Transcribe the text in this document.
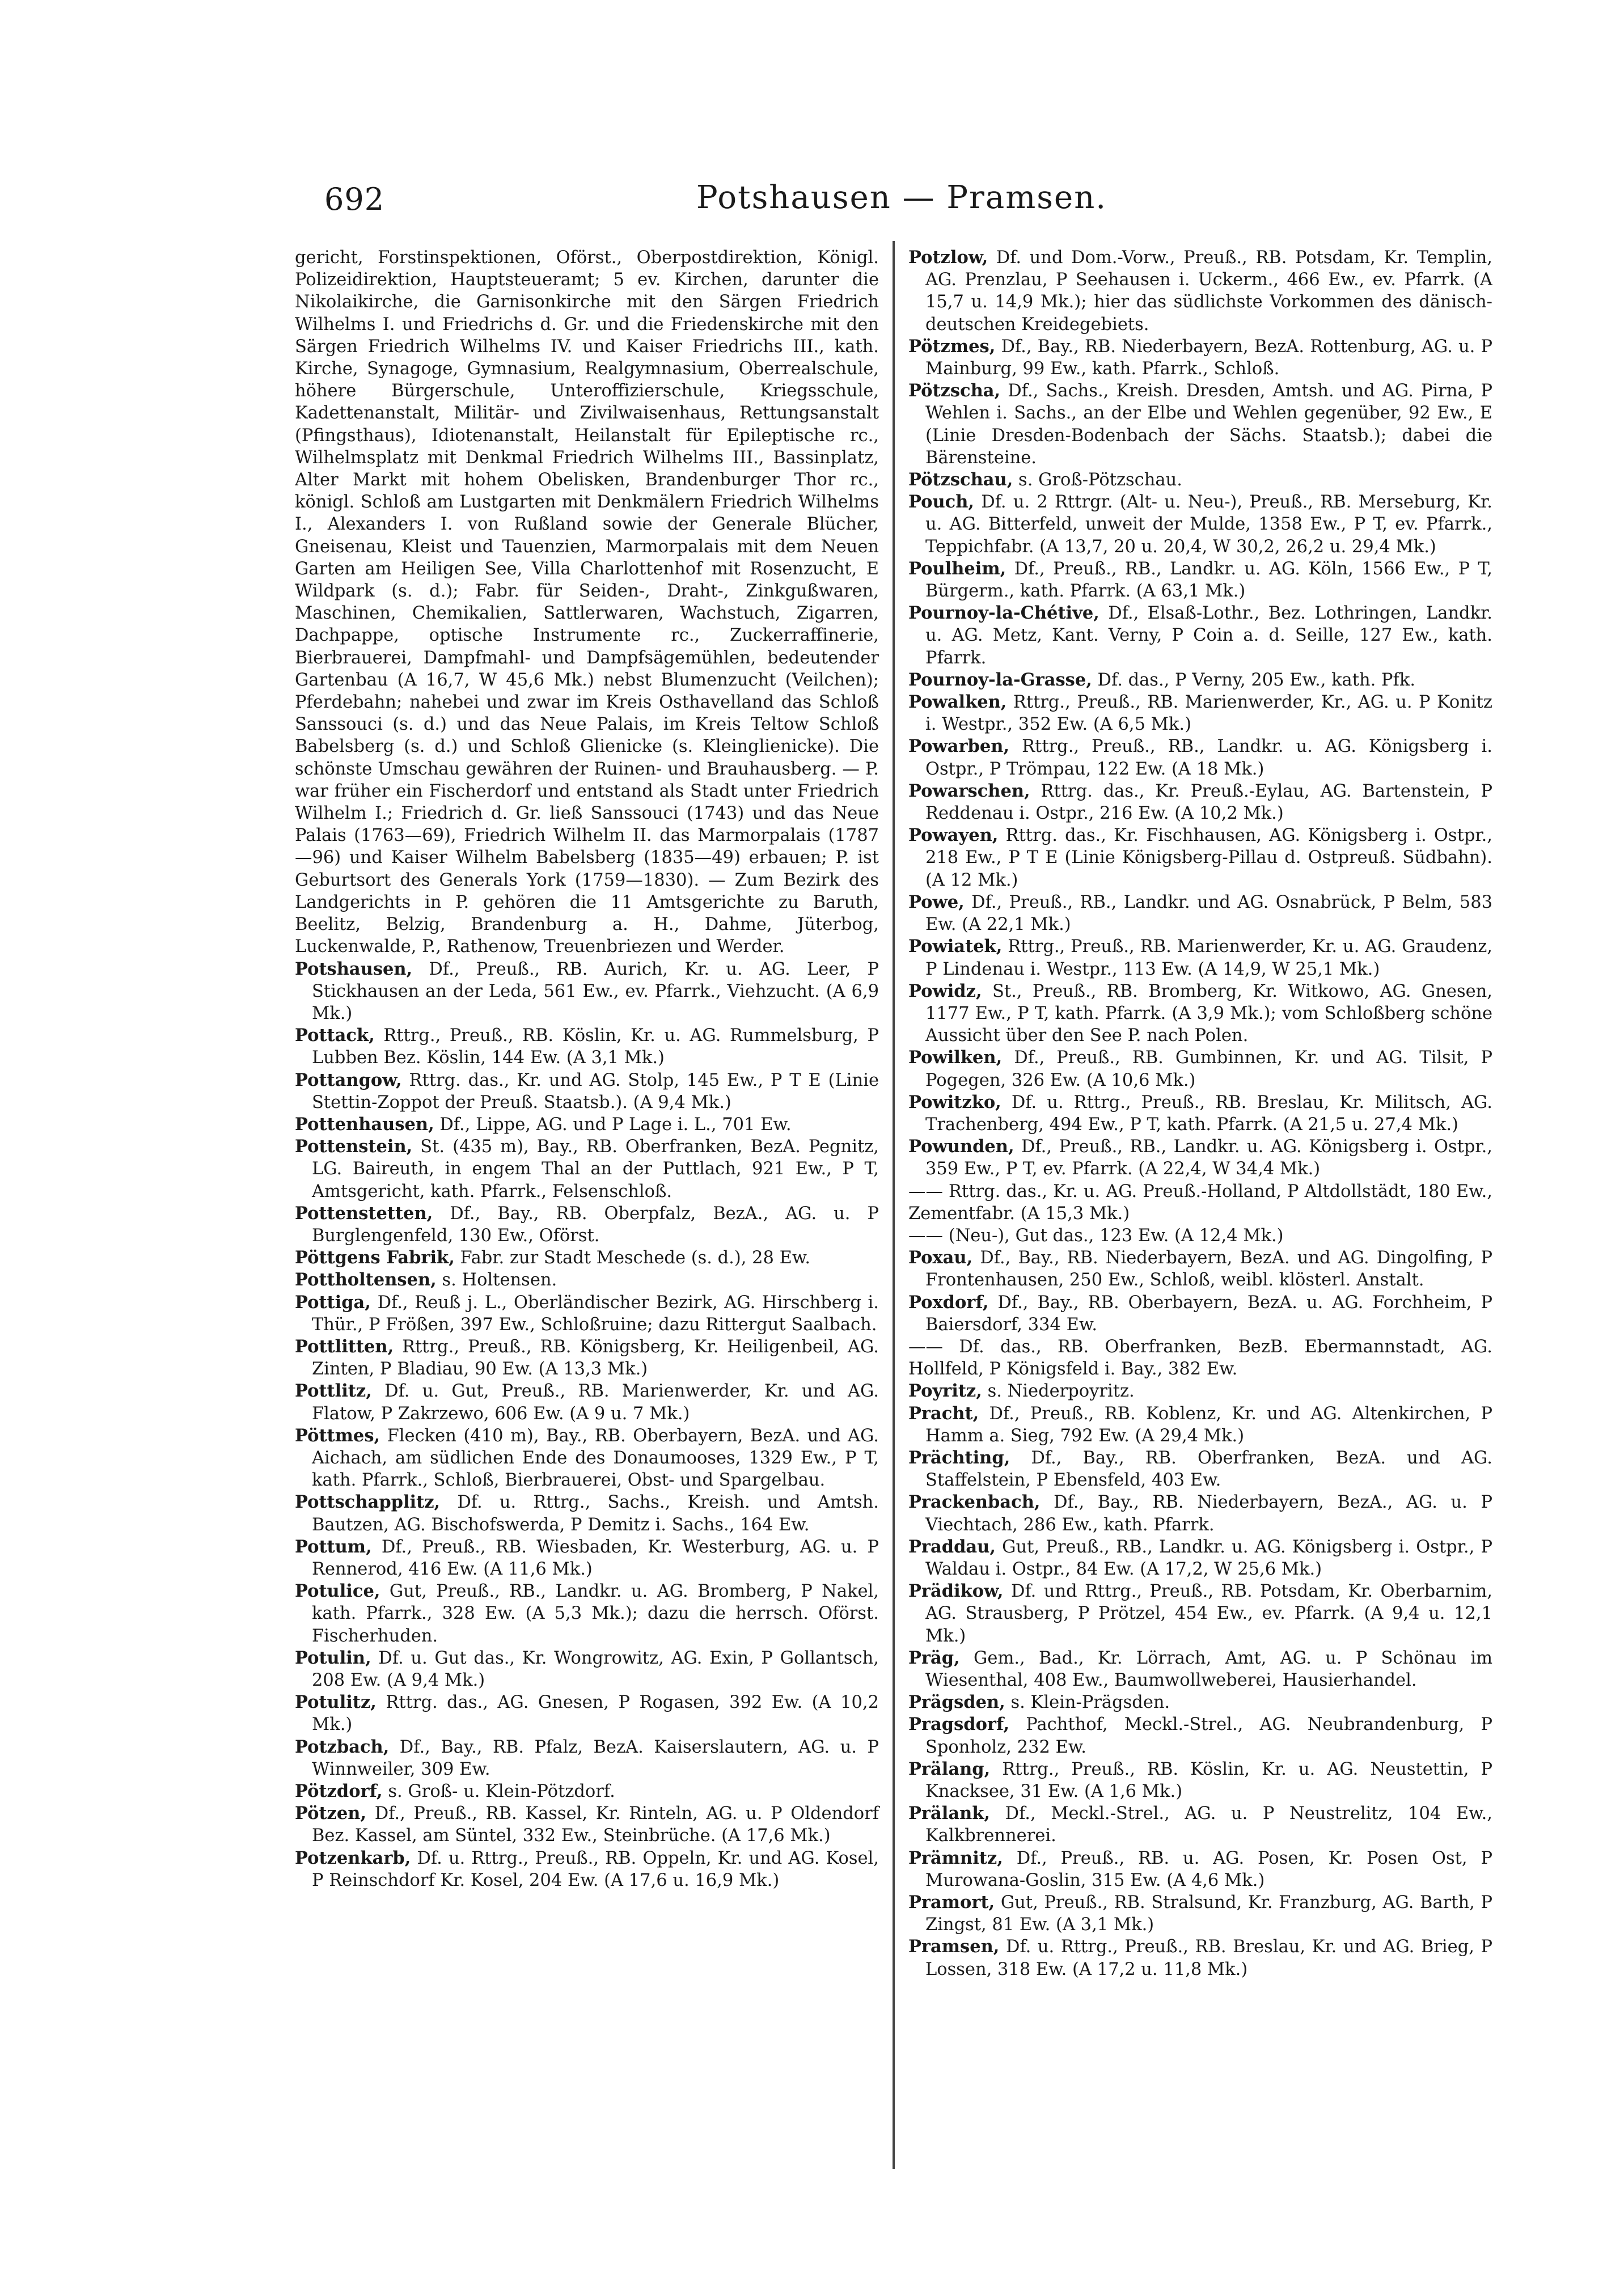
692	Potshausen — Pramsen.

gericht, Forstinspektionen, Oförst., Oberpostdirektion, Königl. Polizeidirektion, Hauptsteueramt; 5 ev. Kirchen, darunter die Nikolaikirche, die Garnisonkirche mit den Särgen Friedrich Wilhelms I. und Friedrichs d. Gr. und die Friedenskirche mit den Särgen Friedrich Wilhelms IV. und Kaiser Friedrichs III., kath. Kirche, Synagoge, Gymnasium, Realgymnasium, Oberrealschule, höhere Bürgerschule, Unteroffizierschule, Kriegsschule, Kadettenanstalt, Militär- und Zivilwaisenhaus, Rettungsanstalt (Pfingsthaus), Idiotenanstalt, Heilanstalt für Epileptische rc., Wilhelmsplatz mit Denkmal Friedrich Wilhelms III., Bassinplatz, Alter Markt mit hohem Obelisken, Brandenburger Thor rc., königl. Schloß am Lustgarten mit Denkmälern Friedrich Wilhelms I., Alexanders I. von Rußland sowie der Generale Blücher, Gneisenau, Kleist und Tauenzien, Marmorpalais mit dem Neuen Garten am Heiligen See, Villa Charlottenhof mit Rosenzucht, E Wildpark (s. d.); Fabr. für Seiden-, Draht-, Zinkgußwaren, Maschinen, Chemikalien, Sattlerwaren, Wachstuch, Zigarren, Dachpappe, optische Instrumente rc., Zuckerraffinerie, Bierbrauerei, Dampfmahl- und Dampfsägemühlen, bedeutender Gartenbau (A 16,7, W 45,6 Mk.) nebst Blumenzucht (Veilchen); Pferdebahn; nahebei und zwar im Kreis Osthavelland das Schloß Sanssouci (s. d.) und das Neue Palais, im Kreis Teltow Schloß Babelsberg (s. d.) und Schloß Glienicke (s. Kleinglienicke). Die schönste Umschau gewähren der Ruinen- und Brauhausberg. — P. war früher ein Fischerdorf und entstand als Stadt unter Friedrich Wilhelm I.; Friedrich d. Gr. ließ Sanssouci (1743) und das Neue Palais (1763—69), Friedrich Wilhelm II. das Marmorpalais (1787—96) und Kaiser Wilhelm Babelsberg (1835—49) erbauen; P. ist Geburtsort des Generals York (1759—1830). — Zum Bezirk des Landgerichts in P. gehören die 11 Amtsgerichte zu Baruth, Beelitz, Belzig, Brandenburg a. H., Dahme, Jüterbog, Luckenwalde, P., Rathenow, Treuenbriezen und Werder.

Potshausen, Df., Preuß., RB. Aurich, Kr. u. AG. Leer, P Stickhausen an der Leda, 561 Ew., ev. Pfarrk., Viehzucht. (A 6,9 Mk.)

Pottack, Rttrg., Preuß., RB. Köslin, Kr. u. AG. Rummelsburg, P Lubben Bez. Köslin, 144 Ew. (A 3,1 Mk.)

Pottangow, Rttrg. das., Kr. und AG. Stolp, 145 Ew., P T E (Linie Stettin-Zoppot der Preuß. Staatsb.). (A 9,4 Mk.)

Pottenhausen, Df., Lippe, AG. und P Lage i. L., 701 Ew.

Pottenstein, St. (435 m), Bay., RB. Oberfranken, BezA. Pegnitz, LG. Baireuth, in engem Thal an der Puttlach, 921 Ew., P T, Amtsgericht, kath. Pfarrk., Felsenschloß.

Pottenstetten, Df., Bay., RB. Oberpfalz, BezA., AG. u. P Burglengenfeld, 130 Ew., Oförst.

Pöttgens Fabrik, Fabr. zur Stadt Meschede (s. d.), 28 Ew.

Pottholtensen, s. Holtensen.

Pottiga, Df., Reuß j. L., Oberländischer Bezirk, AG. Hirschberg i. Thür., P Frößen, 397 Ew., Schloßruine; dazu Rittergut Saalbach.

Pottlitten, Rttrg., Preuß., RB. Königsberg, Kr. Heiligenbeil, AG. Zinten, P Bladiau, 90 Ew. (A 13,3 Mk.)

Pottlitz, Df. u. Gut, Preuß., RB. Marienwerder, Kr. und AG. Flatow, P Zakrzewo, 606 Ew. (A 9 u. 7 Mk.)

Pöttmes, Flecken (410 m), Bay., RB. Oberbayern, BezA. und AG. Aichach, am südlichen Ende des Donaumooses, 1329 Ew., P T, kath. Pfarrk., Schloß, Bierbrauerei, Obst- und Spargelbau.

Pottschapplitz, Df. u. Rttrg., Sachs., Kreish. und Amtsh. Bautzen, AG. Bischofswerda, P Demitz i. Sachs., 164 Ew.

Pottum, Df., Preuß., RB. Wiesbaden, Kr. Westerburg, AG. u. P Rennerod, 416 Ew. (A 11,6 Mk.)

Potulice, Gut, Preuß., RB., Landkr. u. AG. Bromberg, P Nakel, kath. Pfarrk., 328 Ew. (A 5,3 Mk.); dazu die herrsch. Oförst. Fischerhuden.

Potulin, Df. u. Gut das., Kr. Wongrowitz, AG. Exin, P Gollantsch, 208 Ew. (A 9,4 Mk.)

Potulitz, Rttrg. das., AG. Gnesen, P Rogasen, 392 Ew. (A 10,2 Mk.)

Potzbach, Df., Bay., RB. Pfalz, BezA. Kaiserslautern, AG. u. P Winnweiler, 309 Ew.

Pötzdorf, s. Groß- u. Klein-Pötzdorf.

Pötzen, Df., Preuß., RB. Kassel, Kr. Rinteln, AG. u. P Oldendorf Bez. Kassel, am Süntel, 332 Ew., Steinbrüche. (A 17,6 Mk.)

Potzenkarb, Df. u. Rttrg., Preuß., RB. Oppeln, Kr. und AG. Kosel, P Reinschdorf Kr. Kosel, 204 Ew. (A 17,6 u. 16,9 Mk.)

Potzlow, Df. und Dom.-Vorw., Preuß., RB. Potsdam, Kr. Templin, AG. Prenzlau, P Seehausen i. Uckerm., 466 Ew., ev. Pfarrk. (A 15,7 u. 14,9 Mk.); hier das südlichste Vorkommen des dänisch-deutschen Kreidegebiets.

Pötzmes, Df., Bay., RB. Niederbayern, BezA. Rottenburg, AG. u. P Mainburg, 99 Ew., kath. Pfarrk., Schloß.

Pötzscha, Df., Sachs., Kreish. Dresden, Amtsh. und AG. Pirna, P Wehlen i. Sachs., an der Elbe und Wehlen gegenüber, 92 Ew., E (Linie Dresden-Bodenbach der Sächs. Staatsb.); dabei die Bärensteine.

Pötzschau, s. Groß-Pötzschau.

Pouch, Df. u. 2 Rttrgr. (Alt- u. Neu-), Preuß., RB. Merseburg, Kr. u. AG. Bitterfeld, unweit der Mulde, 1358 Ew., P T, ev. Pfarrk., Teppichfabr. (A 13,7, 20 u. 20,4, W 30,2, 26,2 u. 29,4 Mk.)

Poulheim, Df., Preuß., RB., Landkr. u. AG. Köln, 1566 Ew., P T, Bürgerm., kath. Pfarrk. (A 63,1 Mk.)

Pournoy-la-Chétive, Df., Elsaß-Lothr., Bez. Lothringen, Landkr. u. AG. Metz, Kant. Verny, P Coin a. d. Seille, 127 Ew., kath. Pfarrk.

Pournoy-la-Grasse, Df. das., P Verny, 205 Ew., kath. Pfk.

Powalken, Rttrg., Preuß., RB. Marienwerder, Kr., AG. u. P Konitz i. Westpr., 352 Ew. (A 6,5 Mk.)

Powarben, Rttrg., Preuß., RB., Landkr. u. AG. Königsberg i. Ostpr., P Trömpau, 122 Ew. (A 18 Mk.)

Powarschen, Rttrg. das., Kr. Preuß.-Eylau, AG. Bartenstein, P Reddenau i. Ostpr., 216 Ew. (A 10,2 Mk.)

Powayen, Rttrg. das., Kr. Fischhausen, AG. Königsberg i. Ostpr., 218 Ew., P T E (Linie Königsberg-Pillau d. Ostpreuß. Südbahn). (A 12 Mk.)

Powe, Df., Preuß., RB., Landkr. und AG. Osnabrück, P Belm, 583 Ew. (A 22,1 Mk.)

Powiatek, Rttrg., Preuß., RB. Marienwerder, Kr. u. AG. Graudenz, P Lindenau i. Westpr., 113 Ew. (A 14,9, W 25,1 Mk.)

Powidz, St., Preuß., RB. Bromberg, Kr. Witkowo, AG. Gnesen, 1177 Ew., P T, kath. Pfarrk. (A 3,9 Mk.); vom Schloßberg schöne Aussicht über den See P. nach Polen.

Powilken, Df., Preuß., RB. Gumbinnen, Kr. und AG. Tilsit, P Pogegen, 326 Ew. (A 10,6 Mk.)

Powitzko, Df. u. Rttrg., Preuß., RB. Breslau, Kr. Militsch, AG. Trachenberg, 494 Ew., P T, kath. Pfarrk. (A 21,5 u. 27,4 Mk.)

Powunden, Df., Preuß., RB., Landkr. u. AG. Königsberg i. Ostpr., 359 Ew., P T, ev. Pfarrk. (A 22,4, W 34,4 Mk.)

—— Rttrg. das., Kr. u. AG. Preuß.-Holland, P Altdollstädt, 180 Ew., Zementfabr. (A 15,3 Mk.)

—— (Neu-), Gut das., 123 Ew. (A 12,4 Mk.)

Poxau, Df., Bay., RB. Niederbayern, BezA. und AG. Dingolfing, P Frontenhausen, 250 Ew., Schloß, weibl. klösterl. Anstalt.

Poxdorf, Df., Bay., RB. Oberbayern, BezA. u. AG. Forchheim, P Baiersdorf, 334 Ew.

—— Df. das., RB. Oberfranken, BezB. Ebermannstadt, AG. Hollfeld, P Königsfeld i. Bay., 382 Ew.

Poyritz, s. Niederpoyritz.

Pracht, Df., Preuß., RB. Koblenz, Kr. und AG. Altenkirchen, P Hamm a. Sieg, 792 Ew. (A 29,4 Mk.)

Prächting, Df., Bay., RB. Oberfranken, BezA. und AG. Staffelstein, P Ebensfeld, 403 Ew.

Prackenbach, Df., Bay., RB. Niederbayern, BezA., AG. u. P Viechtach, 286 Ew., kath. Pfarrk.

Praddau, Gut, Preuß., RB., Landkr. u. AG. Königsberg i. Ostpr., P Waldau i. Ostpr., 84 Ew. (A 17,2, W 25,6 Mk.)

Prädikow, Df. und Rttrg., Preuß., RB. Potsdam, Kr. Oberbarnim, AG. Strausberg, P Prötzel, 454 Ew., ev. Pfarrk. (A 9,4 u. 12,1 Mk.)

Präg, Gem., Bad., Kr. Lörrach, Amt, AG. u. P Schönau im Wiesenthal, 408 Ew., Baumwollweberei, Hausierhandel.

Prägsden, s. Klein-Prägsden.

Pragsdorf, Pachthof, Meckl.-Strel., AG. Neubrandenburg, P Sponholz, 232 Ew.

Prälang, Rttrg., Preuß., RB. Köslin, Kr. u. AG. Neustettin, P Knacksee, 31 Ew. (A 1,6 Mk.)

Prälank, Df., Meckl.-Strel., AG. u. P Neustrelitz, 104 Ew., Kalkbrennerei.

Prämnitz, Df., Preuß., RB. u. AG. Posen, Kr. Posen Ost, P Murowana-Goslin, 315 Ew. (A 4,6 Mk.)

Pramort, Gut, Preuß., RB. Stralsund, Kr. Franzburg, AG. Barth, P Zingst, 81 Ew. (A 3,1 Mk.)

Pramsen, Df. u. Rttrg., Preuß., RB. Breslau, Kr. und AG. Brieg, P Lossen, 318 Ew. (A 17,2 u. 11,8 Mk.)
